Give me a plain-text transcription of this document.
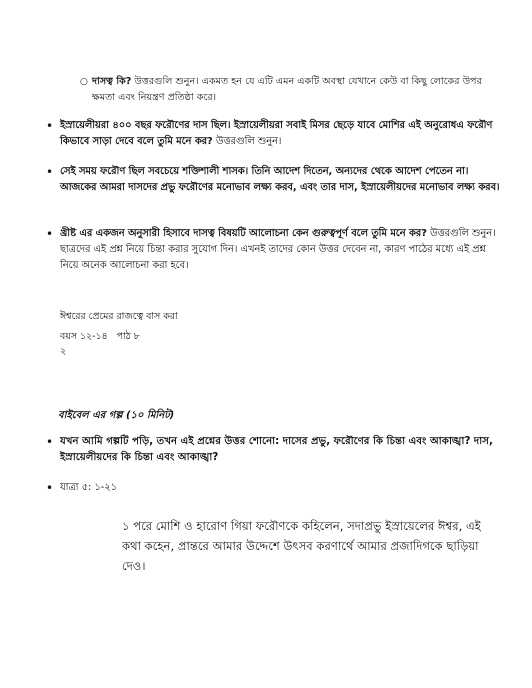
○ দাসত্ব কি? উত্তরগুলি শুনুন। একমত হন যে এটি এমন একটি অবস্থা যেখানে কেউ বা কিছু লোকের উপর ক্ষমতা এবং নিয়ন্ত্রণ প্রতিষ্ঠা করে।
• ইস্রায়েলীয়রা ৪০০ বছর ফরৌণের দাস ছিল। ইস্রায়েলীয়রা সবাই মিসর ছেড়ে যাবে মোশির এই অনুরোধএ ফরৌণ কিভাবে সাড়া দেবে বলে তুমি মনে কর? উত্তরগুলি শুনুন।
• সেই সময় ফরৌণ ছিল সবচেয়ে শক্তিশালী শাসক। তিনি আদেশ দিতেন, অন্যদের থেকে আদেশ পেতেন না। আজকের আমরা দাসদের প্রভু ফরৌণের মনোভাব লক্ষ্য করব, এবং তার দাস, ইস্রায়েলীয়দের মনোভাব লক্ষ্য করব।
• খ্রীষ্ট এর একজন অনুসারী হিসাবে দাসত্ব বিষয়টি আলোচনা কেন গুরুত্বপূর্ণ বলে তুমি মনে কর? উত্তরগুলি শুনুন। ছাত্রদের এই প্রশ্ন নিয়ে চিন্তা করার সুযোগ দিন। এখনই তাদের কোন উত্তর দেবেন না, কারণ পাঠের মধ্যে এই প্রশ্ন নিয়ে অনেক আলোচনা করা হবে।
ঈশ্বরের প্রেমের রাজত্বে বাস করা
বয়স ১২-১৪   পাঠ ৮
২
বাইবেল এর গল্প (১০ মিনিট)
• যখন আমি গল্পটি পড়ি, তখন এই প্রশ্নের উত্তর শোনো: দাসের প্রভু, ফরৌণের কি চিন্তা এবং আকাঙ্খা? দাস, ইস্রায়েলীয়দের কি চিন্তা এবং আকাঙ্খা?
• যাত্রা ৫: ১-২১
১ পরে মোশি ও হারোণ গিয়া ফরৌণকে কহিলেন, সদাপ্রভু ইস্রায়েলের ঈশ্বর, এই কথা কহেন, প্রান্তরে আমার উদ্দেশে উৎসব করণার্থে আমার প্রজাদিগকে ছাড়িয়া দেও।
